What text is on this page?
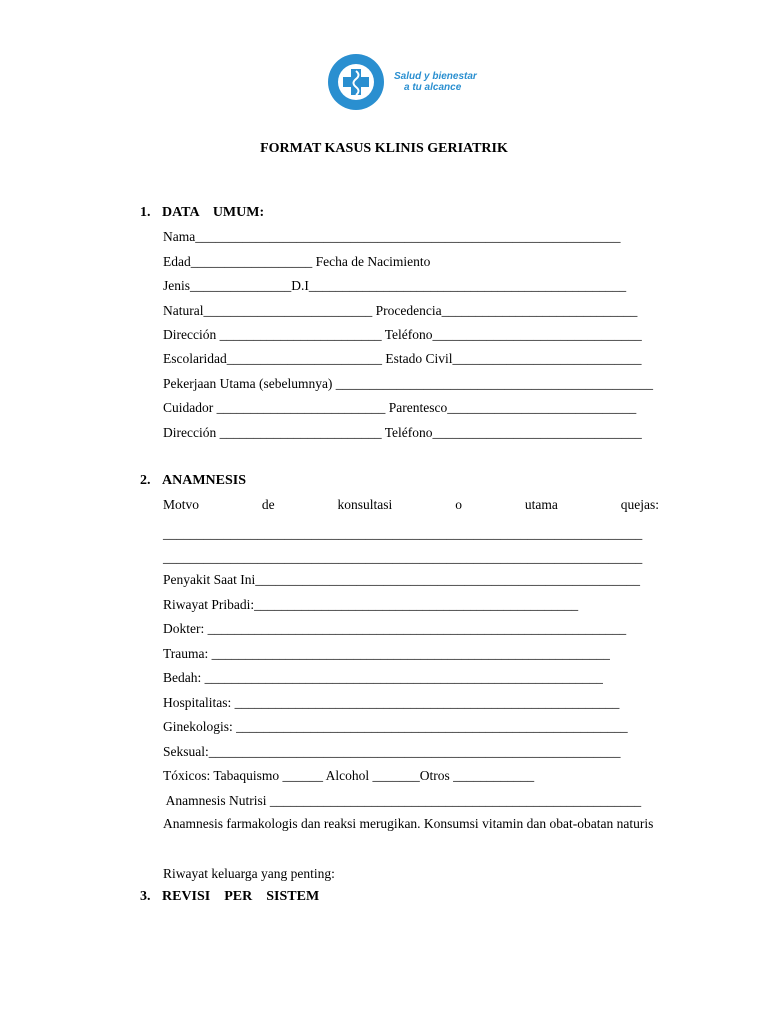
Salud y bienestar
a tu alcance
FORMAT KASUS KLINIS GERIATRIK
1. DATA    UMUM:
Nama_______________________________________________________________
Edad__________________ Fecha de Nacimiento
Jenis_______________D.I_______________________________________________
Natural_________________________ Procedencia_____________________________
Dirección ________________________ Teléfono_______________________________
Escolaridad_______________________ Estado Civil____________________________
Pekerjaan Utama (sebelumnya) _______________________________________________
Cuidador _________________________ Parentesco____________________________
Dirección ________________________ Teléfono_______________________________
2. ANAMNESIS
Motvo	de	konsultasi	o	utama	quejas:
_______________________________________________________________________
_______________________________________________________________________
Penyakit Saat Ini_________________________________________________________
Riwayat Pribadi:________________________________________________
Dokter: ______________________________________________________________
Trauma: ___________________________________________________________
Bedah: ___________________________________________________________
Hospitalitas: _________________________________________________________
Ginekologis: __________________________________________________________
Seksual:_____________________________________________________________
Tóxicos: Tabaquismo ______ Alcohol _______Otros ____________
Anamnesis Nutrisi _______________________________________________________
Anamnesis farmakologis dan reaksi merugikan. Konsumsi vitamin dan obat-obatan naturis
Riwayat keluarga yang penting:
3. REVISI    PER    SISTEM
